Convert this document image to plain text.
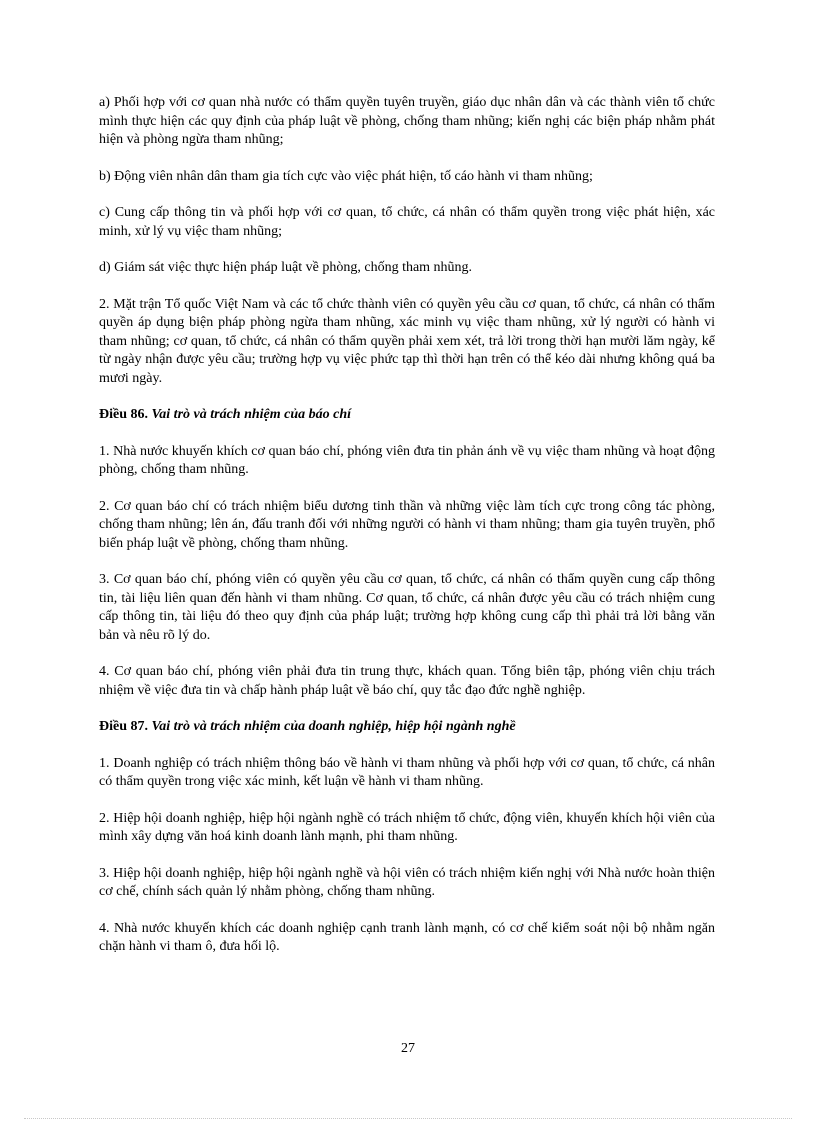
a) Phối hợp với cơ quan nhà nước có thẩm quyền tuyên truyền, giáo dục nhân dân và các thành viên tổ chức mình thực hiện các quy định của pháp luật về phòng, chống tham nhũng; kiến nghị các biện pháp nhằm phát hiện và phòng ngừa tham nhũng;

b) Động viên nhân dân tham gia tích cực vào việc phát hiện, tố cáo hành vi tham nhũng;

c) Cung cấp thông tin và phối hợp với cơ quan, tổ chức, cá nhân có thẩm quyền trong việc phát hiện, xác minh, xử lý vụ việc tham nhũng;

d) Giám sát việc thực hiện pháp luật về phòng, chống tham nhũng.

2. Mặt trận Tổ quốc Việt Nam và các tổ chức thành viên có quyền yêu cầu cơ quan, tổ chức, cá nhân có thẩm quyền áp dụng biện pháp phòng ngừa tham nhũng, xác minh vụ việc tham nhũng, xử lý người có hành vi tham nhũng; cơ quan, tổ chức, cá nhân có thẩm quyền phải xem xét, trả lời trong thời hạn mười lăm ngày, kể từ ngày nhận được yêu cầu; trường hợp vụ việc phức tạp thì thời hạn trên có thể kéo dài nhưng không quá ba mươi ngày.

Điều 86. Vai trò và trách nhiệm của báo chí

1. Nhà nước khuyến khích cơ quan báo chí, phóng viên đưa tin phản ánh về vụ việc tham nhũng và hoạt động phòng, chống tham nhũng.

2. Cơ quan báo chí có trách nhiệm biểu dương tinh thần và những việc làm tích cực trong công tác phòng, chống tham nhũng; lên án, đấu tranh đối với những người có hành vi tham nhũng; tham gia tuyên truyền, phổ biến pháp luật về phòng, chống tham nhũng.

3. Cơ quan báo chí, phóng viên có quyền yêu cầu cơ quan, tổ chức, cá nhân có thẩm quyền cung cấp thông tin, tài liệu liên quan đến hành vi tham nhũng. Cơ quan, tổ chức, cá nhân được yêu cầu có trách nhiệm cung cấp thông tin, tài liệu đó theo quy định của pháp luật; trường hợp không cung cấp thì phải trả lời bằng văn bản và nêu rõ lý do.

4. Cơ quan báo chí, phóng viên phải đưa tin trung thực, khách quan. Tổng biên tập, phóng viên chịu trách nhiệm về việc đưa tin và chấp hành pháp luật về báo chí, quy tắc đạo đức nghề nghiệp.

Điều 87. Vai trò và trách nhiệm của doanh nghiệp, hiệp hội ngành nghề

1. Doanh nghiệp có trách nhiệm thông báo về hành vi tham nhũng và phối hợp với cơ quan, tổ chức, cá nhân có thẩm quyền trong việc xác minh, kết luận về hành vi tham nhũng.

2. Hiệp hội doanh nghiệp, hiệp hội ngành nghề có trách nhiệm tổ chức, động viên, khuyến khích hội viên của mình xây dựng văn hoá kinh doanh lành mạnh, phi tham nhũng.

3. Hiệp hội doanh nghiệp, hiệp hội ngành nghề và hội viên có trách nhiệm kiến nghị với Nhà nước hoàn thiện cơ chế, chính sách quản lý nhằm phòng, chống tham nhũng.

4. Nhà nước khuyến khích các doanh nghiệp cạnh tranh lành mạnh, có cơ chế kiểm soát nội bộ nhằm ngăn chặn hành vi tham ô, đưa hối lộ.

27
